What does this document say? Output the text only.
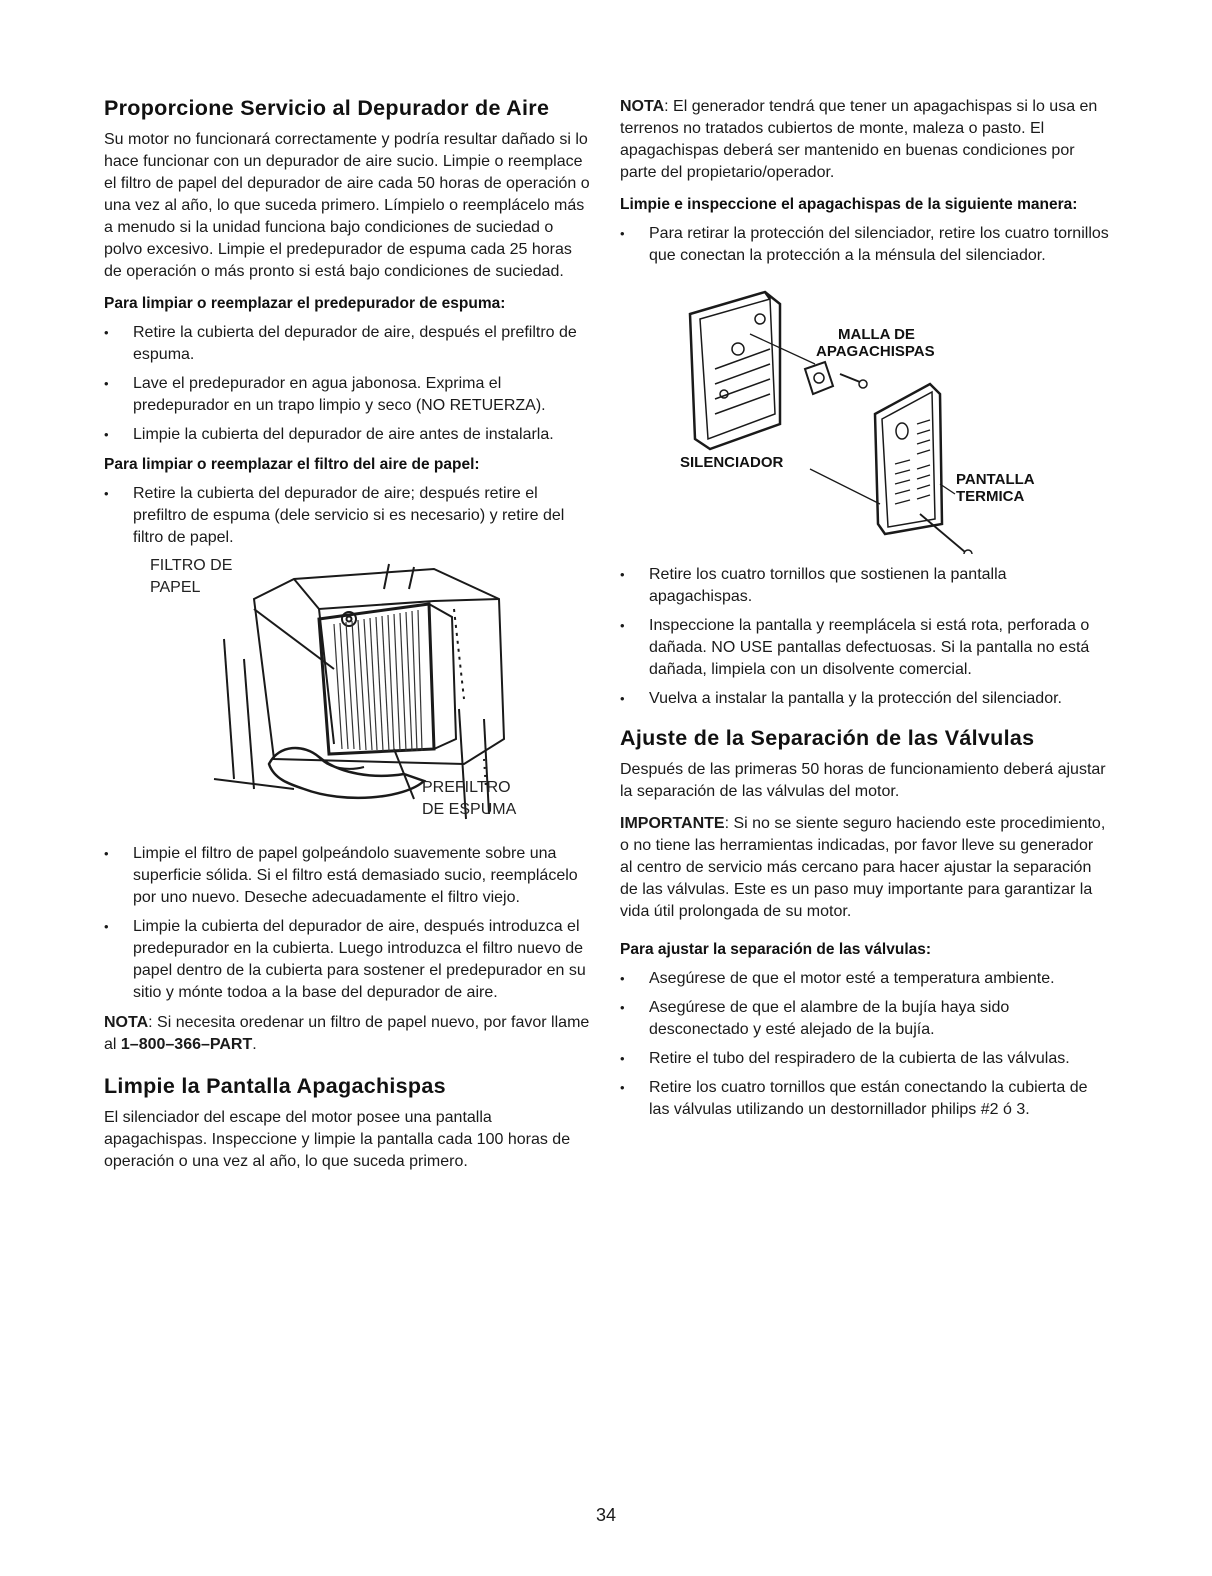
Proporcione Servicio al Depurador de Aire

Su motor no funcionará correctamente y podría resultar dañado si lo hace funcionar con un depurador de aire sucio. Limpie o reemplace el filtro de papel del depurador de aire cada 50 horas de operación o una vez al año, lo que suceda primero. Límpielo o reemplácelo más a menudo si la unidad funciona bajo condiciones de suciedad o polvo excesivo. Limpie el predepurador de espuma cada 25 horas de operación o más pronto si está bajo condiciones de suciedad.

Para limpiar o reemplazar el predepurador de espuma:
• Retire la cubierta del depurador de aire, después el prefiltro de espuma.
• Lave el predepurador en agua jabonosa. Exprima el predepurador en un trapo limpio y seco (NO RETUERZA).
• Limpie la cubierta del depurador de aire antes de instalarla.
Para limpiar o reemplazar el filtro del aire de papel:
• Retire la cubierta del depurador de aire; después retire el prefiltro de espuma (dele servicio si es necesario) y retire del filtro de papel.
FILTRO DE
PAPEL
PREFILTRO
DE ESPUMA
• Limpie el filtro de papel golpeándolo suavemente sobre una superficie sólida. Si el filtro está demasiado sucio, reemplácelo por uno nuevo. Deseche adecuadamente el filtro viejo.
• Limpie la cubierta del depurador de aire, después introduzca el predepurador en la cubierta. Luego introduzca el filtro nuevo de papel dentro de la cubierta para sostener el predepurador en su sitio y mónte todoa a la base del depurador de aire.

NOTA: Si necesita oredenar un filtro de papel nuevo, por favor llame al 1–800–366–PART.

Limpie la Pantalla Apagachispas

El silenciador del escape del motor posee una pantalla apagachispas. Inspeccione y limpie la pantalla cada 100 horas de operación o una vez al año, lo que suceda primero.

NOTA: El generador tendrá que tener un apagachispas si lo usa en terrenos no tratados cubiertos de monte, maleza o pasto. El apagachispas deberá ser mantenido en buenas condiciones por parte del propietario/operador.

Limpie e inspeccione el apagachispas de la siguiente manera:
• Para retirar la protección del silenciador, retire los cuatro tornillos que conectan la protección a la ménsula del silenciador.
MALLA DE
APAGACHISPAS
SILENCIADOR
PANTALLA
TERMICA
• Retire los cuatro tornillos que sostienen la pantalla apagachispas.
• Inspeccione la pantalla y reemplácela si está rota, perforada o dañada. NO USE pantallas defectuosas. Si la pantalla no está dañada, limpiela con un disolvente comercial.
• Vuelva a instalar la pantalla y la protección del silenciador.
Ajuste de la Separación de las Válvulas

Después de las primeras 50 horas de funcionamiento deberá ajustar la separación de las válvulas del motor.

IMPORTANTE: Si no se siente seguro haciendo este procedimiento, o no tiene las herramientas indicadas, por favor lleve su generador al centro de servicio más cercano para hacer ajustar la separación de las válvulas. Este es un paso muy importante para garantizar la vida útil prolongada de su motor.

Para ajustar la separación de las válvulas:
• Asegúrese de que el motor esté a temperatura ambiente.
• Asegúrese de que el alambre de la bujía haya sido desconectado y esté alejado de la bujía.
• Retire el tubo del respiradero de la cubierta de las válvulas.
• Retire los cuatro tornillos que están conectando la cubierta de las válvulas utilizando un destornillador philips #2 ó 3.
34
